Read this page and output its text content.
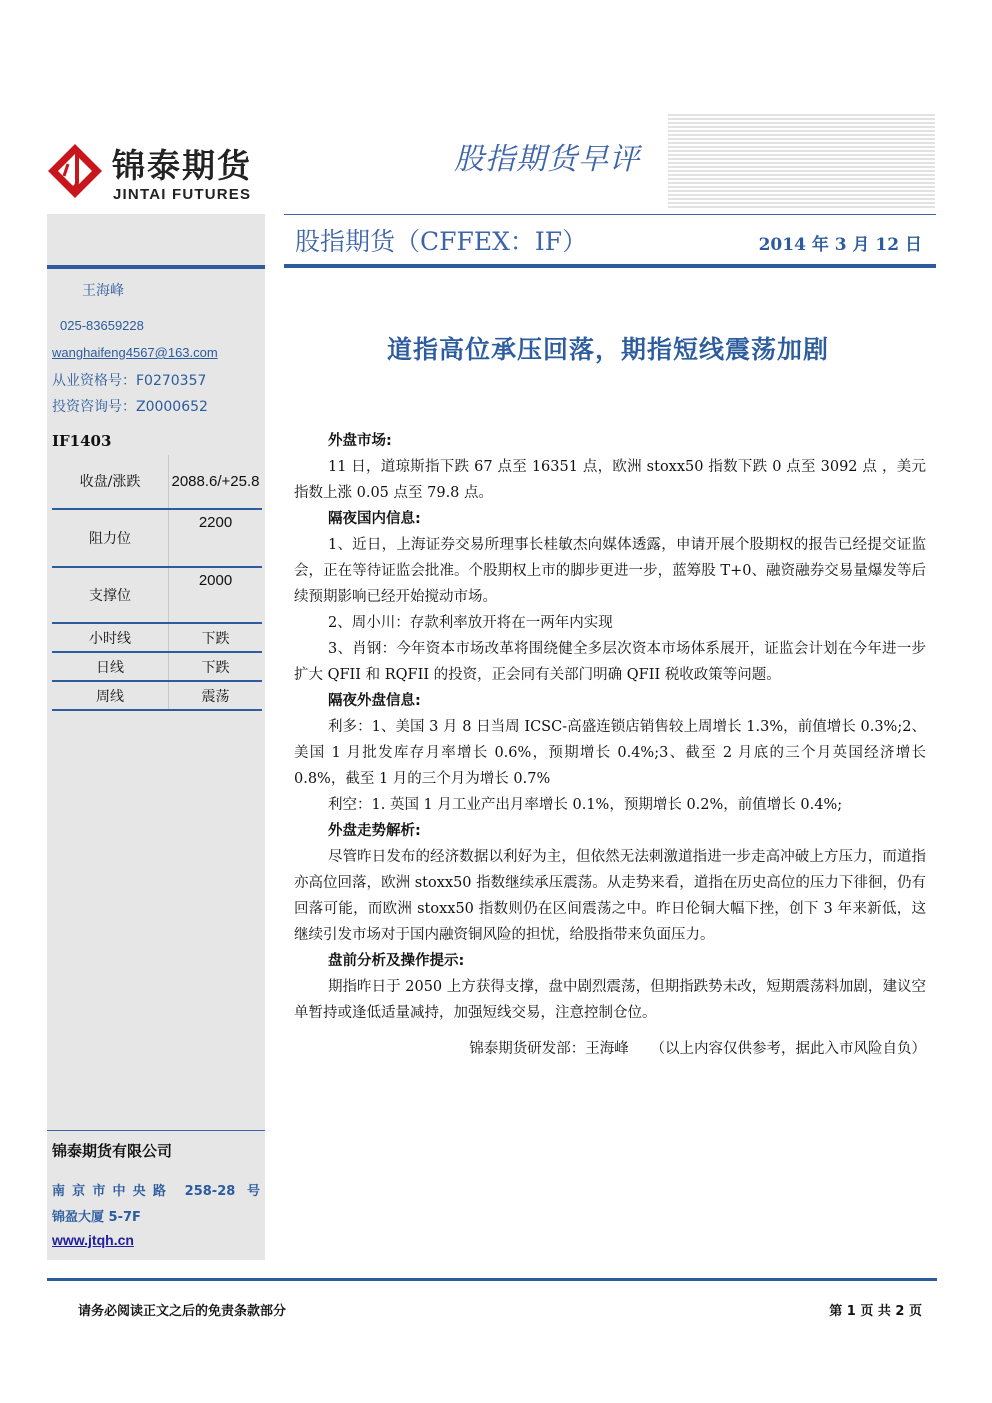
锦泰期货
JINTAI FUTURES
股指期货早评
股指期货（CFFEX：IF）	2014 年 3 月 12 日
王海峰
025-83659228
wanghaifeng4567@163.com
从业资格号：F0270357
投资咨询号：Z0000652
IF1403
收盘/涨跌	2088.6/+25.8
阻力位	2200
支撑位	2000
小时线	下跌
日线	下跌
周线	震荡
锦泰期货有限公司
南京市中央路 258-28 号
锦盈大厦 5-7F
www.jtqh.cn
道指高位承压回落，期指短线震荡加剧

外盘市场:

11 日，道琼斯指下跌 67 点至 16351 点，欧洲 stoxx50 指数下跌 0 点至 3092 点 ，美元指数上涨 0.05 点至 79.8 点。

隔夜国内信息:

1、近日，上海证券交易所理事长桂敏杰向媒体透露，申请开展个股期权的报告已经提交证监会，正在等待证监会批准。个股期权上市的脚步更进一步，蓝筹股 T+0、融资融券交易量爆发等后续预期影响已经开始搅动市场。

2、周小川：存款利率放开将在一两年内实现

3、肖钢：今年资本市场改革将围绕健全多层次资本市场体系展开，证监会计划在今年进一步扩大 QFII 和 RQFII 的投资，正会同有关部门明确 QFII 税收政策等问题。

隔夜外盘信息:

利多：1、美国 3 月 8 日当周 ICSC-高盛连锁店销售较上周增长 1.3%，前值增长 0.3%;2、美国 1 月批发库存月率增长 0.6%，预期增长 0.4%;3、截至 2 月底的三个月英国经济增长 0.8%，截至 1 月的三个月为增长 0.7%

利空：1. 英国 1 月工业产出月率增长 0.1%，预期增长 0.2%，前值增长 0.4%;

外盘走势解析:

尽管昨日发布的经济数据以利好为主，但依然无法刺激道指进一步走高冲破上方压力，而道指亦高位回落，欧洲 stoxx50 指数继续承压震荡。从走势来看，道指在历史高位的压力下徘徊，仍有回落可能，而欧洲 stoxx50 指数则仍在区间震荡之中。昨日伦铜大幅下挫，创下 3 年来新低，这继续引发市场对于国内融资铜风险的担忧，给股指带来负面压力。

盘前分析及操作提示:

期指昨日于 2050 上方获得支撑，盘中剧烈震荡，但期指跌势未改，短期震荡料加剧，建议空单暂持或逢低适量减持，加强短线交易，注意控制仓位。

锦泰期货研发部：王海峰　　（以上内容仅供参考，据此入市风险自负）

请务必阅读正文之后的免责条款部分	第 1 页 共 2 页
